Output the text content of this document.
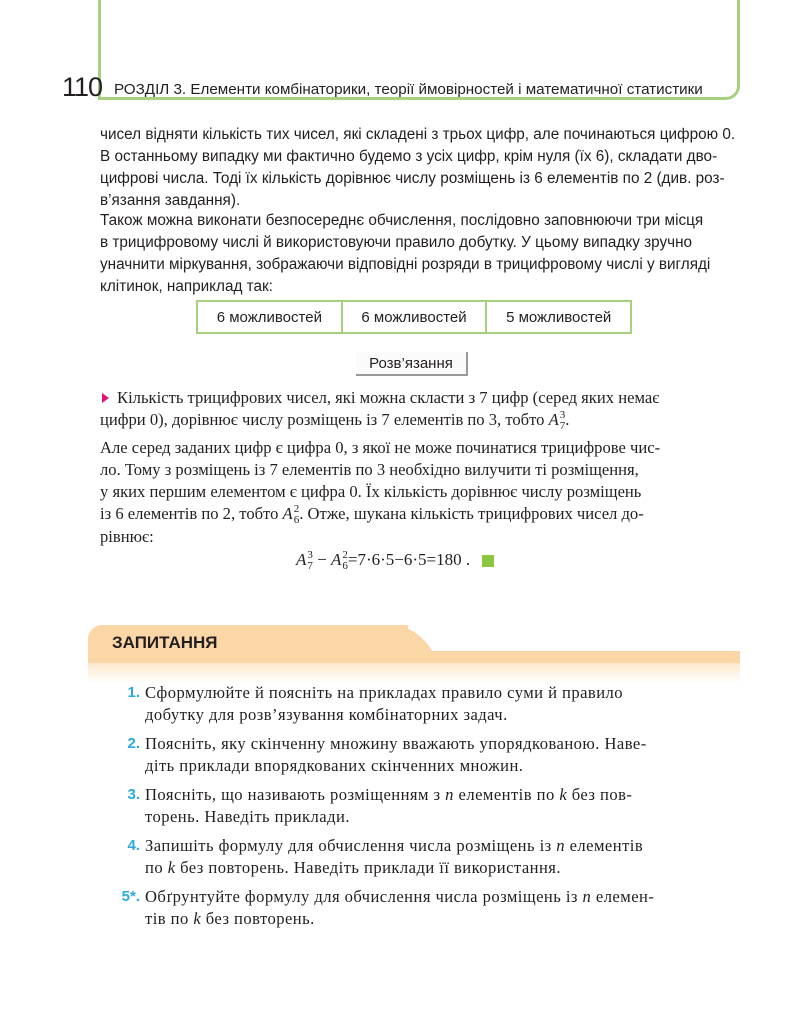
110 РОЗДІЛ 3. Елементи комбінаторики, теорії ймовірностей і математичної статистики

чисел відняти кількість тих чисел, які складені з трьох цифр, але починаються цифрою 0.
В останньому випадку ми фактично будемо з усіх цифр, крім нуля (їх 6), складати дво-
цифрові числа. Тоді їх кількість дорівнює числу розміщень із 6 елементів по 2 (див. роз-
в’язання завдання).

Також можна виконати безпосереднє обчислення, послідовно заповнюючи три місця
в трицифровому числі й використовуючи правило добутку. У цьому випадку зручно
уначнити міркування, зображаючи відповідні розряди в трицифровому числі у вигляді
клітинок, наприклад так:

6 можливостей	6 можливостей	5 можливостей
Розв’язання

Кількість трицифрових чисел, які можна скласти з 7 цифр (серед яких немає
цифри 0), дорівнює числу розміщень із 7 елементів по 3, тобто A 3
7 .

Але серед заданих цифр є цифра 0, з якої не може починатися трицифрове чис-
ло. Тому з розміщень із 7 елементів по 3 необхідно вилучити ті розміщення,
у яких першим елементом є цифра 0. Їх кількість дорівнює числу розміщень
із 6 елементів по 2, тобто A 2
6 . Отже, шукана кількість трицифрових чисел до-
рівнює:

A 3
7 − A 2
6 =7·6·5−6·5=180 .
ЗАПИТАННЯ
1. Сформулюйте й поясніть на прикладах правило суми й правило
добутку для розв’язування комбінаторних задач.
2. Поясніть, яку скінченну множину вважають упорядкованою. Наве-
діть приклади впорядкованих скінченних множин.
3. Поясніть, що називають розміщенням з n елементів по k без пов-
торень. Наведіть приклади.
4. Запишіть формулу для обчислення числа розміщень із n елементів
по k без повторень. Наведіть приклади її використання.
5*. Обґрунтуйте формулу для обчислення числа розміщень із n елемен-
тів по k без повторень.
